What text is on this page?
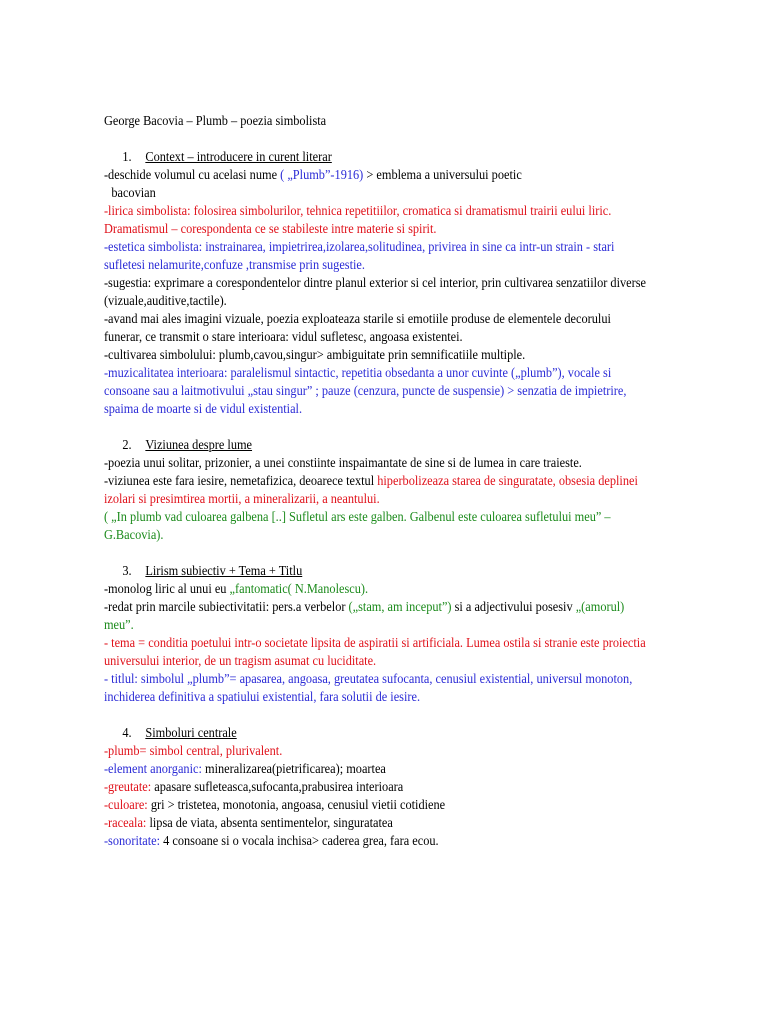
George Bacovia – Plumb – poezia simbolista

1. Context – introducere in curent literar

-deschide volumul cu acelasi nume ( „Plumb”-1916) > emblema a universului poetic

bacovian

-lirica simbolista: folosirea simbolurilor, tehnica repetitiilor, cromatica si dramatismul trairii eului liric. Dramatismul – corespondenta ce se stabileste intre materie si spirit.

-estetica simbolista: instrainarea, impietrirea,izolarea,solitudinea, privirea in sine ca intr-un strain - stari sufletesi nelamurite,confuze ,transmise prin sugestie.

-sugestia: exprimare a corespondentelor dintre planul exterior si cel interior, prin cultivarea senzatiilor diverse (vizuale,auditive,tactile).

-avand mai ales imagini vizuale, poezia exploateaza starile si emotiile produse de elementele decorului funerar, ce transmit o stare interioara: vidul sufletesc, angoasa existentei.

-cultivarea simbolului: plumb,cavou,singur> ambiguitate prin semnificatiile multiple.

-muzicalitatea interioara: paralelismul sintactic, repetitia obsedanta a unor cuvinte („plumb”), vocale si consoane sau a laitmotivului „stau singur” ; pauze (cenzura, puncte de suspensie) > senzatia de impietrire, spaima de moarte si de vidul existential.

2. Viziunea despre lume

-poezia unui solitar, prizonier, a unei constiinte inspaimantate de sine si de lumea in care traieste.

-viziunea este fara iesire, nemetafizica, deoarece textul hiperbolizeaza starea de singuratate, obsesia deplinei izolari si presimtirea mortii, a mineralizarii, a neantului.

( „In plumb vad culoarea galbena [..] Sufletul ars este galben. Galbenul este culoarea sufletului meu” – G.Bacovia).

3. Lirism subiectiv + Tema + Titlu

-monolog liric al unui eu „fantomatic( N.Manolescu).

-redat prin marcile subiectivitatii: pers.a verbelor („stam, am inceput”) si a adjectivului posesiv „(amorul) meu”.

- tema = conditia poetului intr-o societate lipsita de aspiratii si artificiala. Lumea ostila si straniе este proiectia universului interior, de un tragism asumat cu luciditate.

- titlul: simbolul „plumb”= apasarea, angoasa, greutatea sufocanta, cenusiul existential, universul monoton, inchiderea definitiva a spatiului existential, fara solutii de iesire.

4. Simboluri centrale

-plumb= simbol central, plurivalent.

-element anorganic: mineralizarea(pietrificarea); moartea

-greutate: apasare sufleteasca,sufocanta,prabusirea interioara

-culoare: gri > tristetea, monotonia, angoasa, cenusiul vietii cotidiene

-raceala: lipsa de viata, absenta sentimentelor, singuratatea

-sonoritate: 4 consoane si o vocala inchisa> caderea grea, fara ecou.
